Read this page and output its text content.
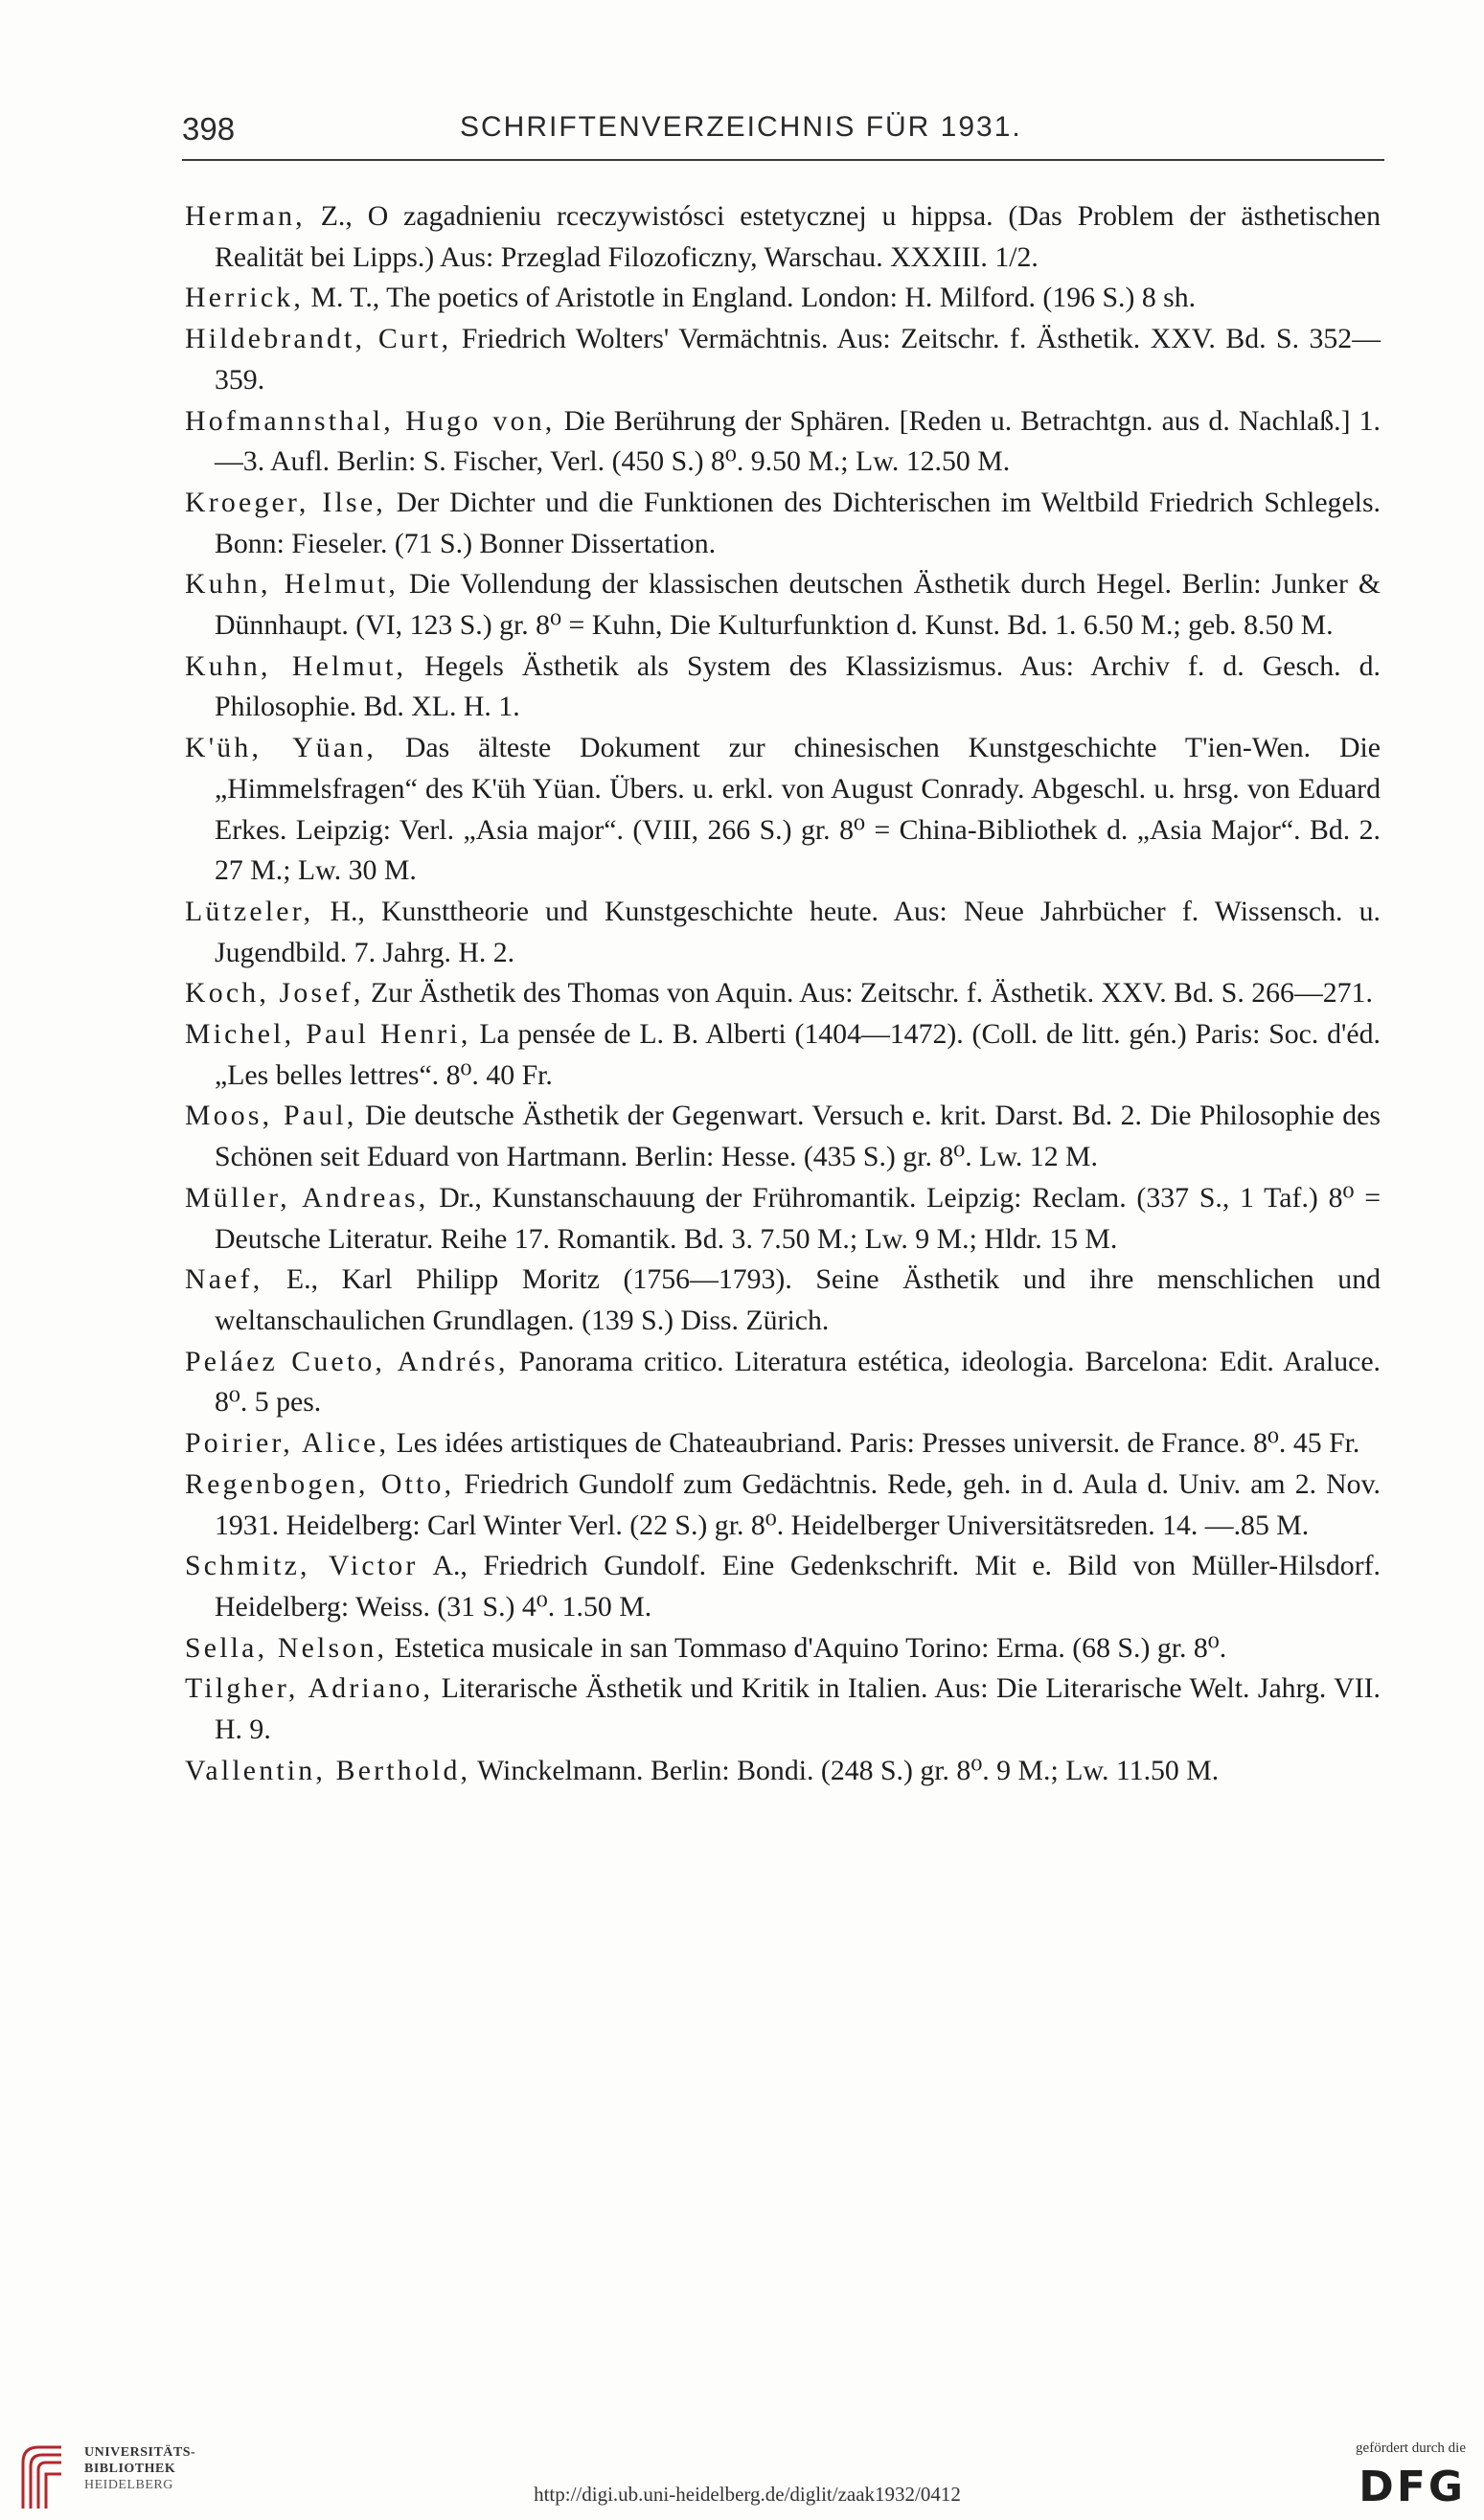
398	SCHRIFTENVERZEICHNIS FÜR 1931.

Herman, Z., O zagadnieniu rceczywistósci estetycznej u hippsa. (Das Problem der ästhetischen Realität bei Lipps.) Aus: Przeglad Filozoficzny, Warschau. XXXIII. 1/2.

Herrick, M. T., The poetics of Aristotle in England. London: H. Milford. (196 S.) 8 sh.

Hildebrandt, Curt, Friedrich Wolters' Vermächtnis. Aus: Zeitschr. f. Ästhetik. XXV. Bd. S. 352—359.

Hofmannsthal, Hugo von, Die Berührung der Sphären. [Reden u. Betrachtgn. aus d. Nachlaß.] 1.—3. Aufl. Berlin: S. Fischer, Verl. (450 S.) 8⁰. 9.50 M.; Lw. 12.50 M.

Kroeger, Ilse, Der Dichter und die Funktionen des Dichterischen im Weltbild Friedrich Schlegels. Bonn: Fieseler. (71 S.) Bonner Dissertation.

Kuhn, Helmut, Die Vollendung der klassischen deutschen Ästhetik durch Hegel. Berlin: Junker & Dünnhaupt. (VI, 123 S.) gr. 8⁰ = Kuhn, Die Kulturfunktion d. Kunst. Bd. 1. 6.50 M.; geb. 8.50 M.

Kuhn, Helmut, Hegels Ästhetik als System des Klassizismus. Aus: Archiv f. d. Gesch. d. Philosophie. Bd. XL. H. 1.

K'üh, Yüan, Das älteste Dokument zur chinesischen Kunstgeschichte T'ien-Wen. Die „Himmelsfragen“ des K'üh Yüan. Übers. u. erkl. von August Conrady. Abgeschl. u. hrsg. von Eduard Erkes. Leipzig: Verl. „Asia major“. (VIII, 266 S.) gr. 8⁰ = China-Bibliothek d. „Asia Major“. Bd. 2. 27 M.; Lw. 30 M.

Lützeler, H., Kunsttheorie und Kunstgeschichte heute. Aus: Neue Jahrbücher f. Wissensch. u. Jugendbild. 7. Jahrg. H. 2.

Koch, Josef, Zur Ästhetik des Thomas von Aquin. Aus: Zeitschr. f. Ästhetik. XXV. Bd. S. 266—271.

Michel, Paul Henri, La pensée de L. B. Alberti (1404—1472). (Coll. de litt. gén.) Paris: Soc. d'éd. „Les belles lettres“. 8⁰. 40 Fr.

Moos, Paul, Die deutsche Ästhetik der Gegenwart. Versuch e. krit. Darst. Bd. 2. Die Philosophie des Schönen seit Eduard von Hartmann. Berlin: Hesse. (435 S.) gr. 8⁰. Lw. 12 M.

Müller, Andreas, Dr., Kunstanschauung der Frühromantik. Leipzig: Reclam. (337 S., 1 Taf.) 8⁰ = Deutsche Literatur. Reihe 17. Romantik. Bd. 3. 7.50 M.; Lw. 9 M.; Hldr. 15 M.

Naef, E., Karl Philipp Moritz (1756—1793). Seine Ästhetik und ihre menschlichen und weltanschaulichen Grundlagen. (139 S.) Diss. Zürich.

Peláez Cueto, Andrés, Panorama critico. Literatura estética, ideologia. Barcelona: Edit. Araluce. 8⁰. 5 pes.

Poirier, Alice, Les idées artistiques de Chateaubriand. Paris: Presses universit. de France. 8⁰. 45 Fr.

Regenbogen, Otto, Friedrich Gundolf zum Gedächtnis. Rede, geh. in d. Aula d. Univ. am 2. Nov. 1931. Heidelberg: Carl Winter Verl. (22 S.) gr. 8⁰. Heidelberger Universitätsreden. 14. —.85 M.

Schmitz, Victor A., Friedrich Gundolf. Eine Gedenkschrift. Mit e. Bild von Müller-Hilsdorf. Heidelberg: Weiss. (31 S.) 4⁰. 1.50 M.

Sella, Nelson, Estetica musicale in san Tommaso d'Aquino Torino: Erma. (68 S.) gr. 8⁰.

Tilgher, Adriano, Literarische Ästhetik und Kritik in Italien. Aus: Die Literarische Welt. Jahrg. VII. H. 9.

Vallentin, Berthold, Winckelmann. Berlin: Bondi. (248 S.) gr. 8⁰. 9 M.; Lw. 11.50 M.

UNIVERSITÄTS-
BIBLIOTHEK
HEIDELBERG	http://digi.ub.uni-heidelberg.de/diglit/zaak1932/0412
gefördert durch die
DFG
